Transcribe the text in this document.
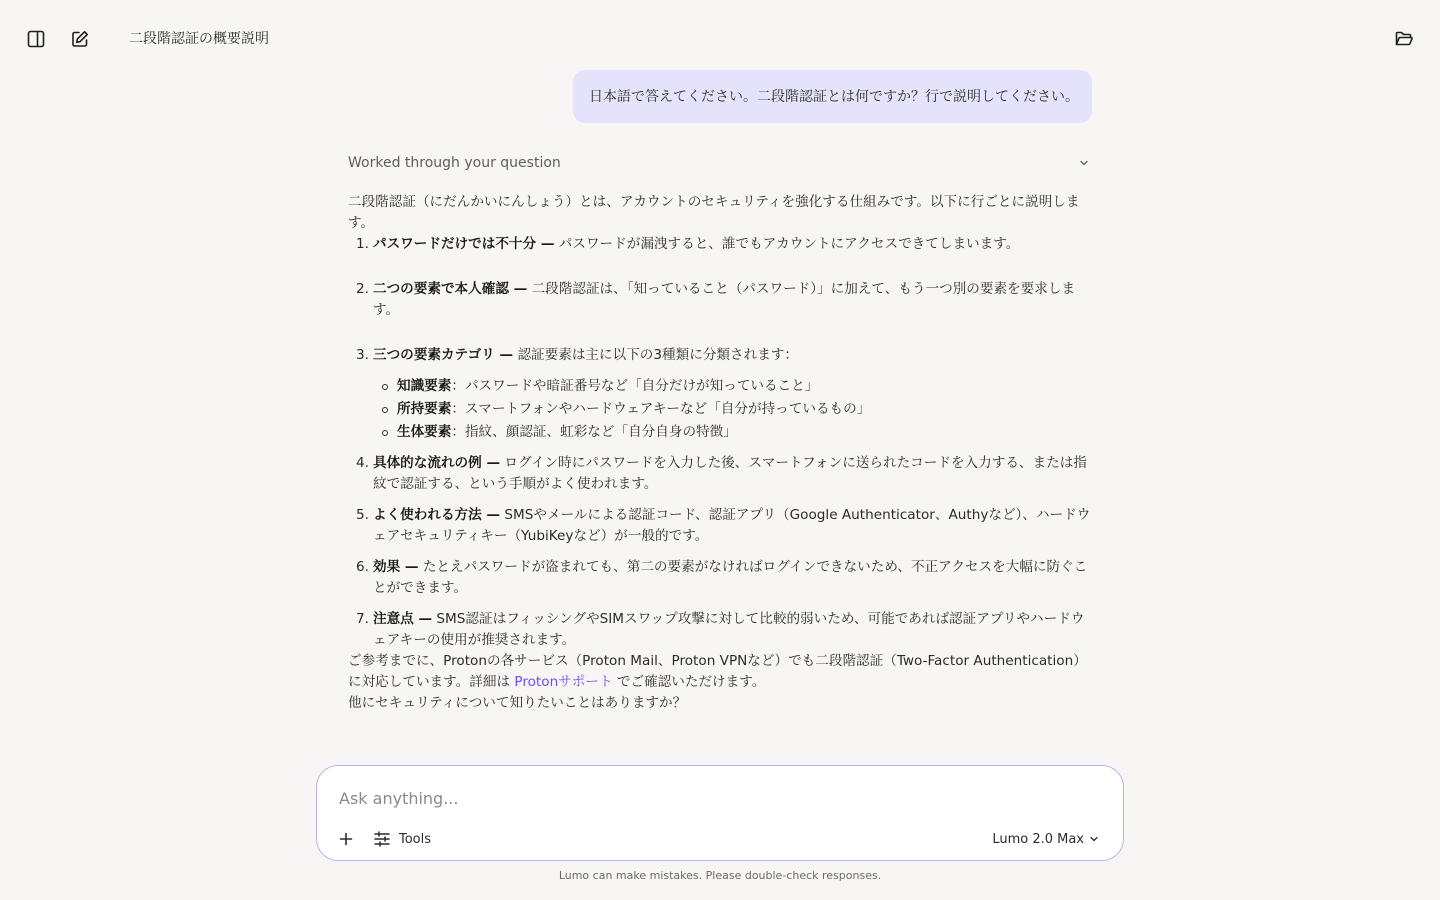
二段階認証の概要説明
日本語で答えてください。二段階認証とは何ですか？行で説明してください。
Worked through your question

二段階認証（にだんかいにんしょう）とは、アカウントのセキュリティを強化する仕組みです。以下に行ごとに説明します。

1. パスワードだけでは不十分 — パスワードが漏洩すると、誰でもアカウントにアクセスできてしまいます。
2. 二つの要素で本人確認 — 二段階認証は、「知っていること（パスワード）」に加えて、もう一つ別の要素を要求します。
3. 三つの要素カテゴリ — 認証要素は主に以下の3種類に分類されます：
知識要素：パスワードや暗証番号など「自分だけが知っていること」
所持要素：スマートフォンやハードウェアキーなど「自分が持っているもの」
生体要素：指紋、顔認証、虹彩など「自分自身の特徴」
4. 具体的な流れの例 — ログイン時にパスワードを入力した後、スマートフォンに送られたコードを入力する、または指紋で認証する、という手順がよく使われます。
5. よく使われる方法 — SMSやメールによる認証コード、認証アプリ（Google Authenticator、Authyなど）、ハードウェアセキュリティキー（YubiKeyなど）が一般的です。
6. 効果 — たとえパスワードが盗まれても、第二の要素がなければログインできないため、不正アクセスを大幅に防ぐことができます。
7. 注意点 — SMS認証はフィッシングやSIMスワップ攻撃に対して比較的弱いため、可能であれば認証アプリやハードウェアキーの使用が推奨されます。

ご参考までに、Protonの各サービス（Proton Mail、Proton VPNなど）でも二段階認証（Two-Factor Authentication）に対応しています。詳細は Protonサポート でご確認いただけます。

他にセキュリティについて知りたいことはありますか？

Ask anything...
Tools	Lumo 2.0 Max
Lumo can make mistakes. Please double-check responses.
